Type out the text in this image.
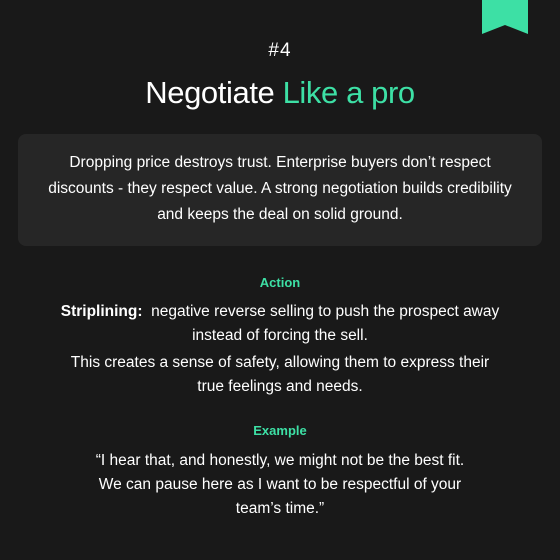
#4
Negotiate Like a pro
Dropping price destroys trust. Enterprise buyers don’t respect discounts - they respect value. A strong negotiation builds credibility and keeps the deal on solid ground.
Action

Striplining: negative reverse selling to push the prospect away instead of forcing the sell.

This creates a sense of safety, allowing them to express their true feelings and needs.

Example
“I hear that, and honestly, we might not be the best fit. We can pause here as I want to be respectful of your team’s time.”
